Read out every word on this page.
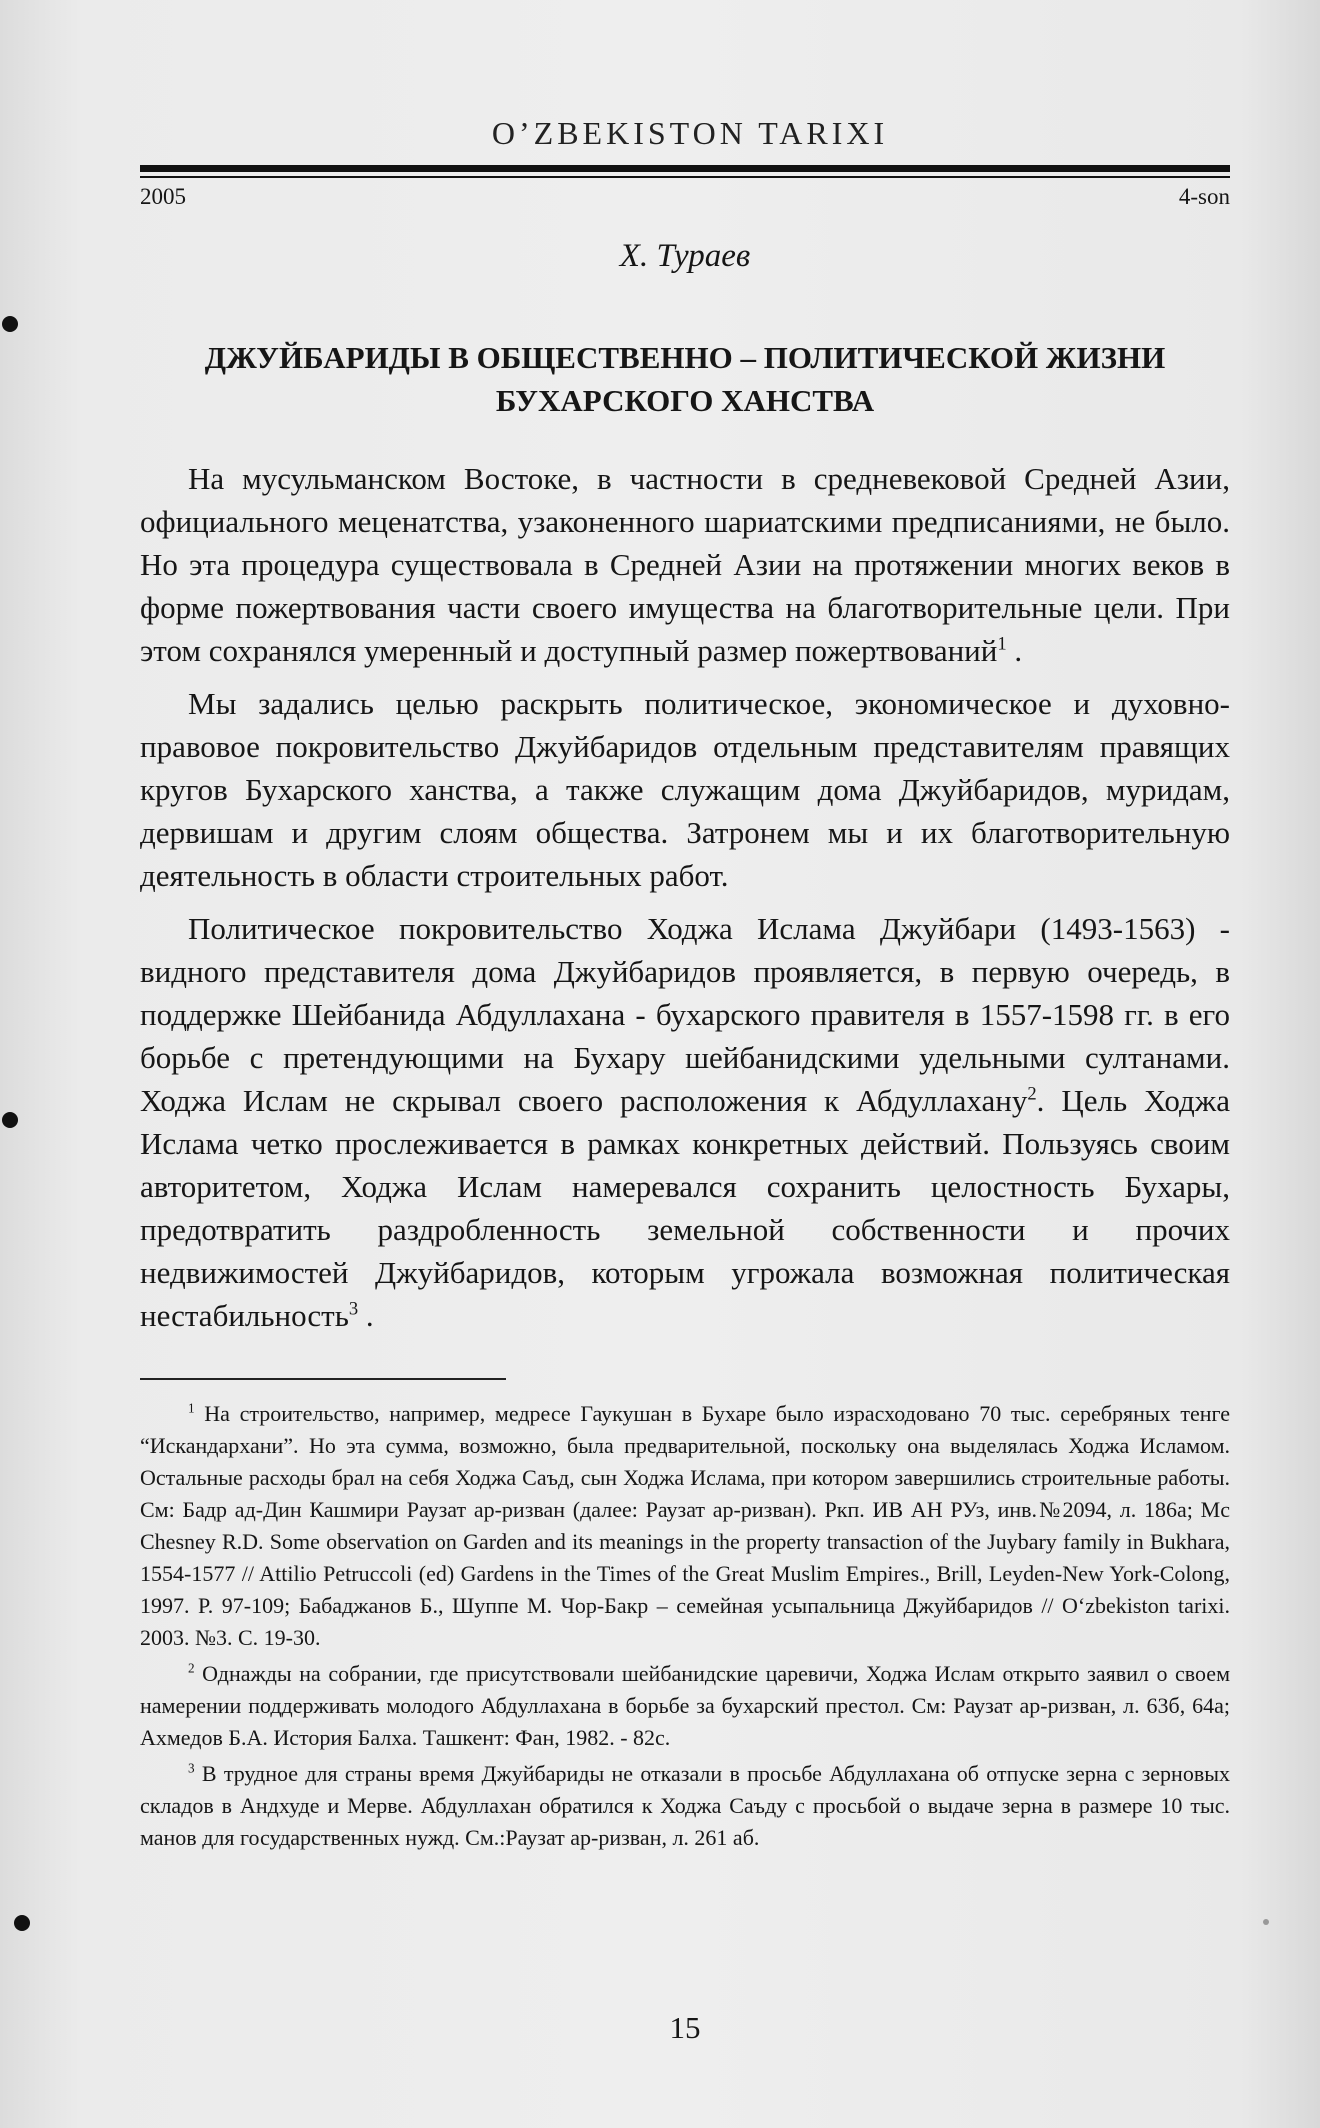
O’ZBEKISTON TARIXI
2005	4-son
Х. Тураев
ДЖУЙБАРИДЫ В ОБЩЕСТВЕННО – ПОЛИТИЧЕСКОЙ ЖИЗНИ
БУХАРСКОГО ХАНСТВА

На мусульманском Востоке, в частности в средневековой Средней Азии, официального меценатства, узаконенного шариатскими предписаниями, не было. Но эта процедура существовала в Средней Азии на протяжении многих веков в форме пожертвования части своего имущества на благотворительные цели. При этом сохранялся умеренный и доступный размер пожертвований$^1$ .

Мы задались целью раскрыть политическое, экономическое и духовно-правовое покровительство Джуйбаридов отдельным представителям правящих кругов Бухарского ханства, а также служащим дома Джуйбаридов, муридам, дервишам и другим слоям общества. Затронем мы и их благотворительную деятельность в области строительных работ.

Политическое покровительство Ходжа Ислама Джуйбари (1493-1563) - видного представителя дома Джуйбаридов проявляется, в первую очередь, в поддержке Шейбанида Абдуллахана - бухарского правителя в 1557-1598 гг. в его борьбе с претендующими на Бухару шейбанидскими удельными султанами. Ходжа Ислам не скрывал своего расположения к Абдуллахану$^2$. Цель Ходжа Ислама четко прослеживается в рамках конкретных действий. Пользуясь своим авторитетом, Ходжа Ислам намеревался сохранить целостность Бухары, предотвратить раздробленность земельной собственности и прочих недвижимостей Джуйбаридов, которым угрожала возможная политическая нестабильность$^3$ .

$^1$ На строительство, например, медресе Гаукушан в Бухаре было израсходовано 70 тыс. серебряных тенге “Искандархани”. Но эта сумма, возможно, была предварительной, поскольку она выделялась Ходжа Исламом. Остальные расходы брал на себя Ходжа Саъд, сын Ходжа Ислама, при котором завершились строительные работы. См: Бадр ад-Дин Кашмири Раузат ар-ризван (далее: Раузат ар-ризван). Ркп. ИВ АН РУз, инв.№2094, л. 186а; Mc Chesney R.D. Some observation on Garden and its meanings in the property transaction of the Juybary family in Bukhara, 1554-1577 // Attilio Petruccoli (ed) Gardens in the Times of the Great Muslim Empires., Brill, Leyden-New York-Colong, 1997. P. 97-109; Бабаджанов Б., Шуппе М. Чор-Бакр – семейная усыпальница Джуйбаридов // O‘zbekiston tarixi. 2003. №3. С. 19-30.

$^2$ Однажды на собрании, где присутствовали шейбанидские царевичи, Ходжа Ислам открыто заявил о своем намерении поддерживать молодого Абдуллахана в борьбе за бухарский престол. См: Раузат ар-ризван, л. 63б, 64а; Ахмедов Б.А. История Балха. Ташкент: Фан, 1982. - 82с.

$^3$ В трудное для страны время Джуйбариды не отказали в просьбе Абдуллахана об отпуске зерна с зерновых складов в Андхуде и Мерве. Абдуллахан обратился к Ходжа Саъду с просьбой о выдаче зерна в размере 10 тыс. манов для государственных нужд. См.:Раузат ар-ризван, л. 261 аб.

15
